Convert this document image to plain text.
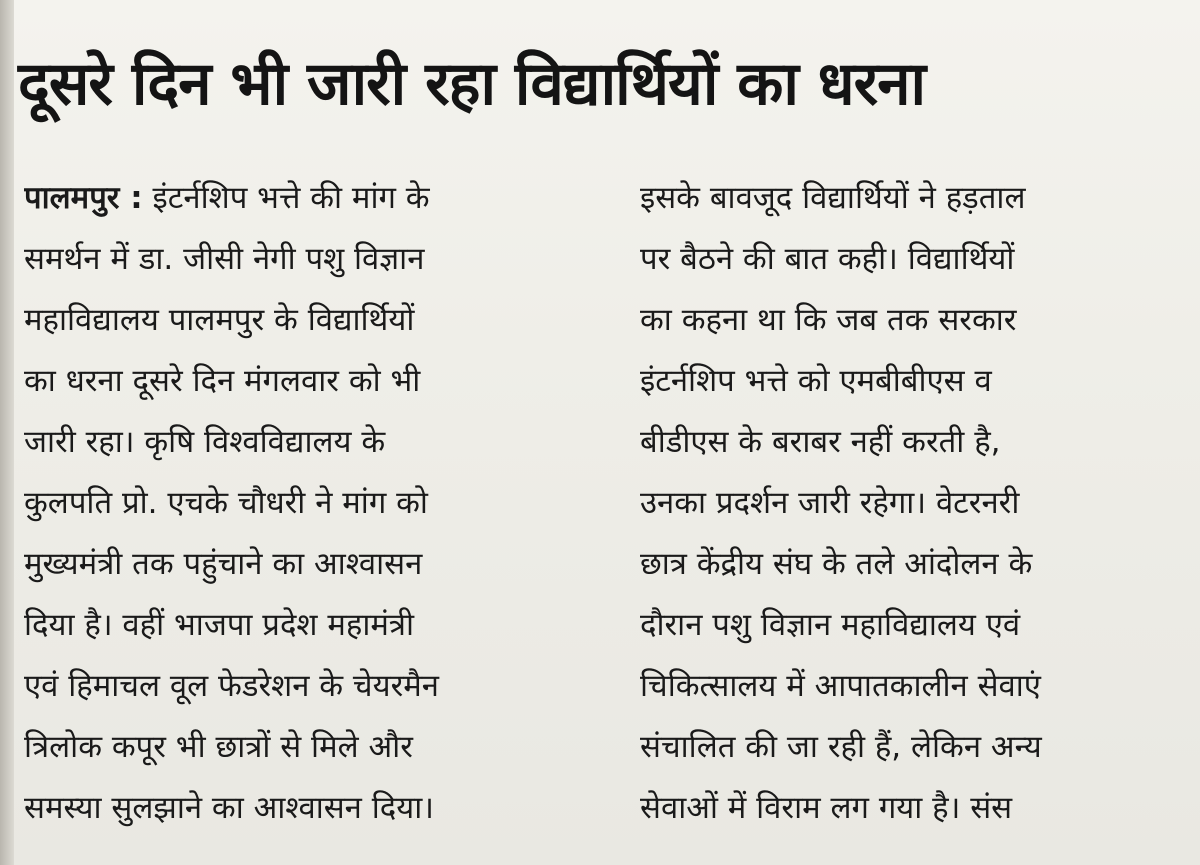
दूसरे दिन भी जारी रहा विद्यार्थियों का धरना
पालमपुर : इंटर्नशिप भत्ते की मांग के
समर्थन में डा. जीसी नेगी पशु विज्ञान
महाविद्यालय पालमपुर के विद्यार्थियों
का धरना दूसरे दिन मंगलवार को भी
जारी रहा। कृषि विश्वविद्यालय के
कुलपति प्रो. एचके चौधरी ने मांग को
मुख्यमंत्री तक पहुंचाने का आश्वासन
दिया है। वहीं भाजपा प्रदेश महामंत्री
एवं हिमाचल वूल फेडरेशन के चेयरमैन
त्रिलोक कपूर भी छात्रों से मिले और
समस्या सुलझाने का आश्वासन दिया।
इसके बावजूद विद्यार्थियों ने हड़ताल
पर बैठने की बात कही। विद्यार्थियों
का कहना था कि जब तक सरकार
इंटर्नशिप भत्ते को एमबीबीएस व
बीडीएस के बराबर नहीं करती है,
उनका प्रदर्शन जारी रहेगा। वेटरनरी
छात्र केंद्रीय संघ के तले आंदोलन के
दौरान पशु विज्ञान महाविद्यालय एवं
चिकित्सालय में आपातकालीन सेवाएं
संचालित की जा रही हैं, लेकिन अन्य
सेवाओं में विराम लग गया है। संस
